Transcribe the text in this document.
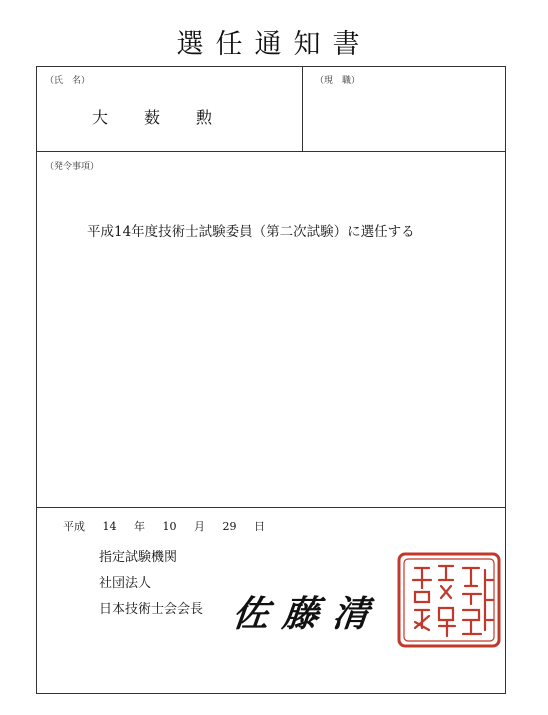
選任通知書
（氏　名）
大薮勲
（現　職）
（発令事項）
平成14年度技術士試験委員（第二次試験）に選任する
平成 14 年 10 月 29 日
指定試験機関
社団法人
日本技術士会会長 佐藤清
